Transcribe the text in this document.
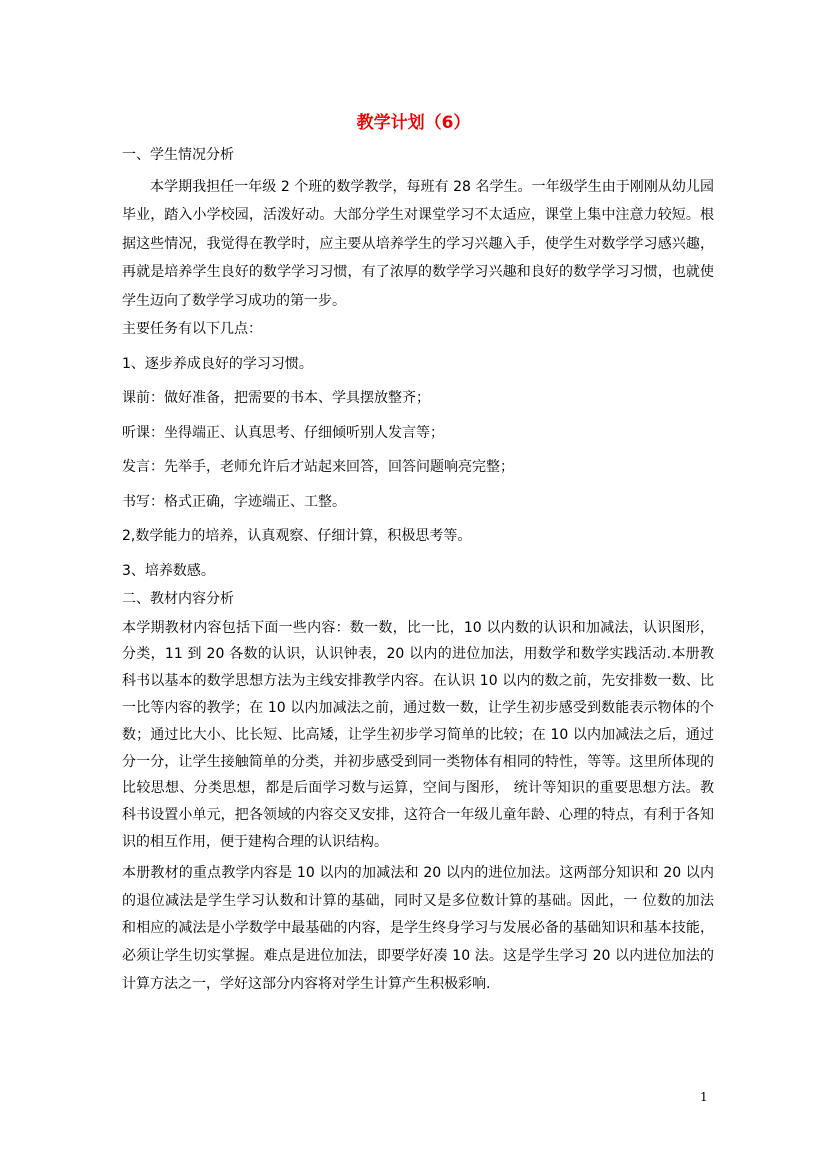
教学计划（6）

一、学生情况分析

本学期我担任一年级 2 个班的数学教学，每班有 28 名学生。一年级学生由于刚刚从幼儿园毕业，踏入小学校园，活泼好动。大部分学生对课堂学习不太适应，课堂上集中注意力较短。根据这些情况，我觉得在教学时，应主要从培养学生的学习兴趣入手，使学生对数学学习感兴趣，再就是培养学生良好的数学学习习惯，有了浓厚的数学学习兴趣和良好的数学学习习惯，也就使学生迈向了数学学习成功的第一步。

主要任务有以下几点：

1、逐步养成良好的学习习惯。

课前：做好准备，把需要的书本、学具摆放整齐；

听课：坐得端正、认真思考、仔细倾听别人发言等；

发言：先举手，老师允许后才站起来回答，回答问题响亮完整；

书写：格式正确，字迹端正、工整。

2,数学能力的培养，认真观察、仔细计算，积极思考等。

3、培养数感。

二、教材内容分析

本学期教材内容包括下面一些内容：数一数，比一比，10 以内数的认识和加减法，认识图形，分类，11 到 20 各数的认识，认识钟表，20 以内的进位加法，用数学和数学实践活动.本册教科书以基本的数学思想方法为主线安排教学内容。在认识 10 以内的数之前，先安排数一数、比一比等内容的教学；在 10 以内加减法之前，通过数一数，让学生初步感受到数能表示物体的个数；通过比大小、比长短、比高矮，让学生初步学习简单的比较；在 10 以内加减法之后，通过分一分，让学生接触简单的分类，并初步感受到同一类物体有相同的特性，等等。这里所体现的比较思想、分类思想，都是后面学习数与运算，空间与图形， 统计等知识的重要思想方法。教科书设置小单元，把各领域的内容交叉安排，这符合一年级儿童年龄、心理的特点，有利于各知识的相互作用，便于建构合理的认识结构。

本册教材的重点教学内容是 10 以内的加减法和 20 以内的进位加法。这两部分知识和 20 以内的退位减法是学生学习认数和计算的基础，同时又是多位数计算的基础。因此，一 位数的加法和相应的减法是小学数学中最基础的内容，是学生终身学习与发展必备的基础知识和基本技能，必须让学生切实掌握。难点是进位加法，即要学好凑 10 法。这是学生学习 20 以内进位加法的计算方法之一，学好这部分内容将对学生计算产生积极彩响.

1
